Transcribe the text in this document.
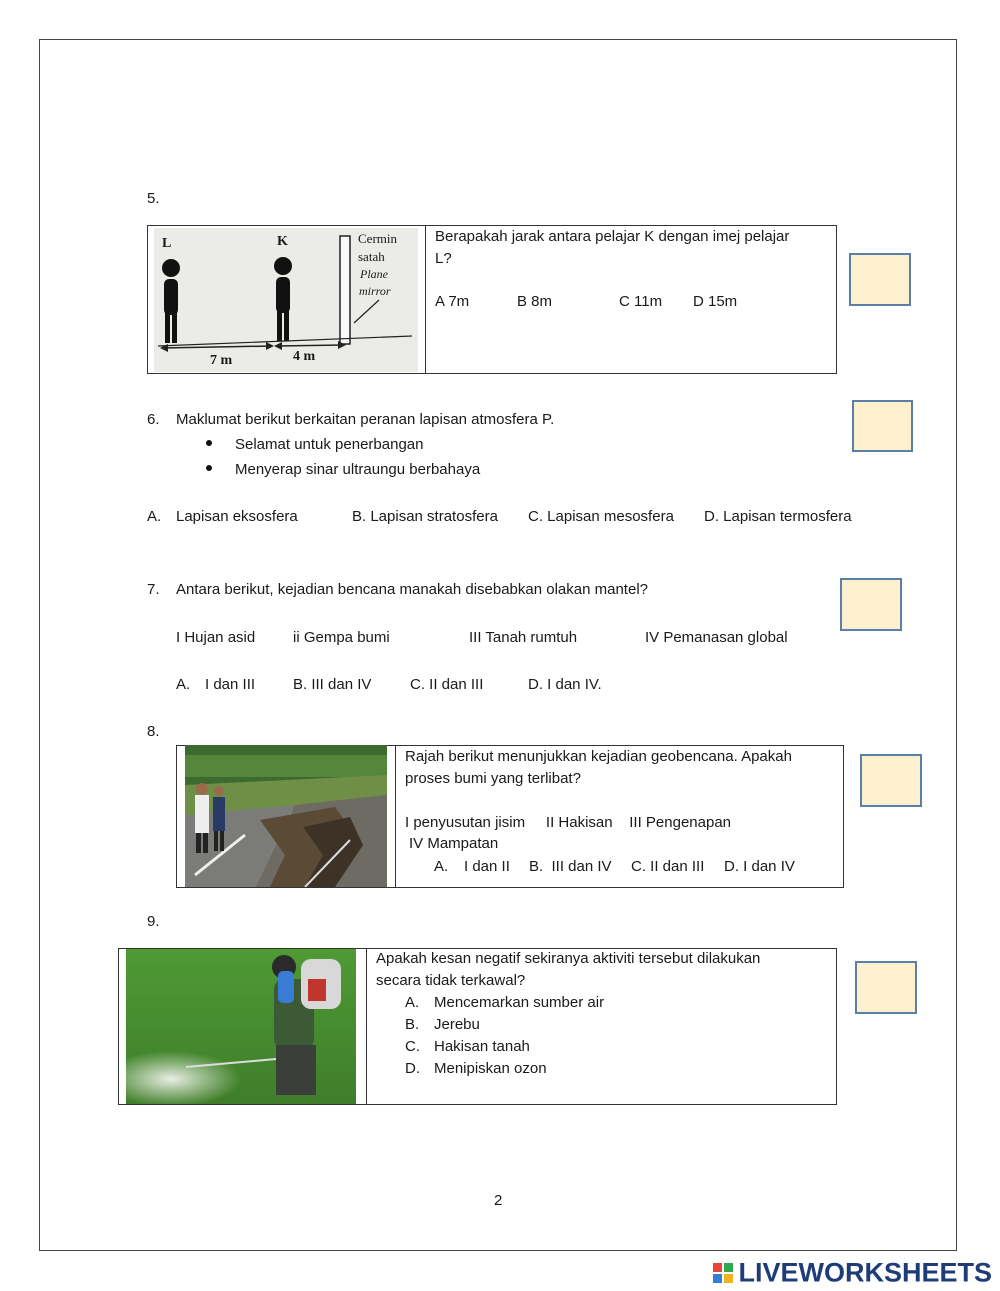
5.
L	K	Cermin
satah
Plane
mirror
7 m	4 m
Berapakah jarak antara pelajar K dengan imej pelajar
L?
A 7m	B 8m	C 11m D 15m
6. Maklumat berikut berkaitan peranan lapisan atmosfera P.
Selamat untuk penerbangan
Menyerap sinar ultraungu berbahaya
A. Lapisan eksosfera	B. Lapisan stratosfera C. Lapisan mesosfera D. Lapisan termosfera
7. Antara berikut, kejadian bencana manakah disebabkan olakan mantel?
I Hujan asid	ii Gempa bumi	III Tanah rumtuh	IV Pemanasan global
A. I dan III	B. III dan IV	C. II dan III	D. I dan IV.
8.
Rajah berikut menunjukkan kejadian geobencana. Apakah
proses bumi yang terlibat?
I penyusutan jisim     II Hakisan    III Pengenapan
IV Mampatan
A. I dan II B.  III dan IV C. II dan III D. I dan IV
9.
Apakah kesan negatif sekiranya aktiviti tersebut dilakukan
secara tidak terkawal?
A. Mencemarkan sumber air
B. Jerebu
C. Hakisan tanah
D. Menipiskan ozon
2
LIVEWORKSHEETS
